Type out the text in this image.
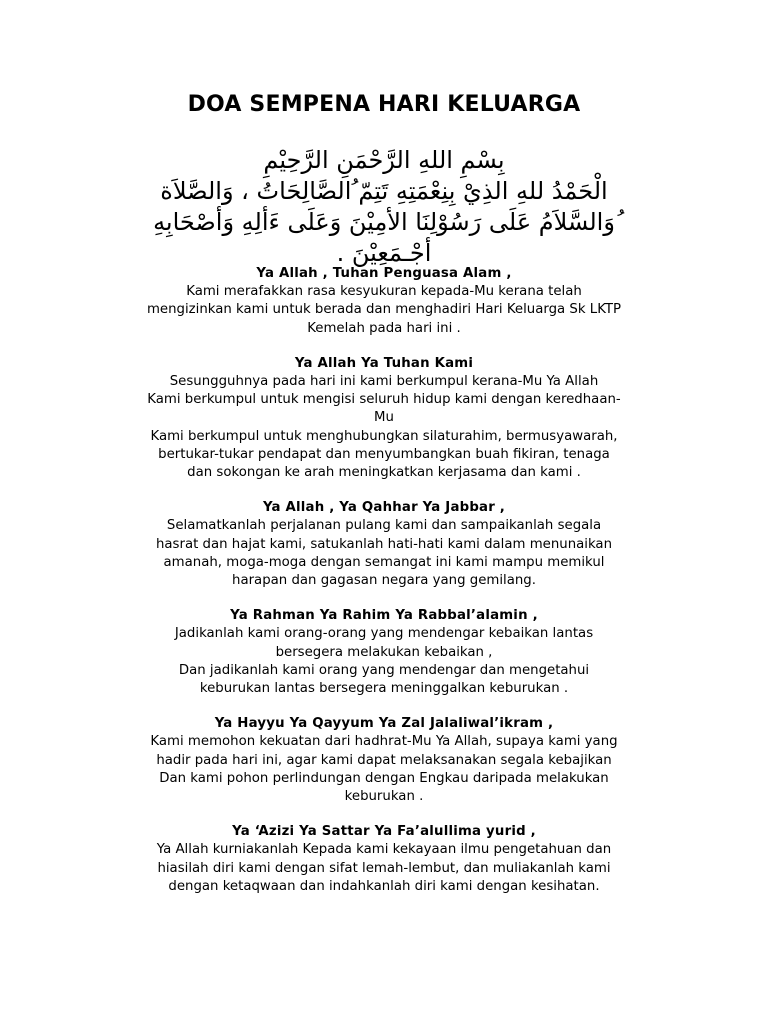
DOA SEMPENA HARI KELUARGA
بِسْمِ اللهِ الرَّحْمَنِ الرَّحِيْمِ
الْحَمْدُ للهِ الذِيْ بِنِعْمَتِهِ تَتِمّ ُالصَّالِحَاتُ ، وَالصَّلاَة
ُوَالسَّلاَمُ عَلَى رَسُوْلِنَا الأمِيْنَ وَعَلَى ءَألِهِ وَأصْحَابِهِ
أجْـمَعِيْنَ .
Ya Allah , Tuhan Penguasa Alam ,
Kami merafakkan rasa kesyukuran kepada-Mu kerana telah
mengizinkan kami untuk berada dan menghadiri Hari Keluarga Sk LKTP
Kemelah pada hari ini .
Ya Allah Ya Tuhan Kami
Sesungguhnya pada hari ini kami berkumpul kerana-Mu Ya Allah
Kami berkumpul untuk mengisi seluruh hidup kami dengan keredhaan-
Mu
Kami berkumpul untuk menghubungkan silaturahim, bermusyawarah,
bertukar-tukar pendapat dan menyumbangkan buah fikiran, tenaga
dan sokongan ke arah meningkatkan kerjasama dan kami .
Ya Allah , Ya Qahhar Ya Jabbar ,
Selamatkanlah perjalanan pulang kami dan sampaikanlah segala
hasrat dan hajat kami, satukanlah hati-hati kami dalam menunaikan
amanah, moga-moga dengan semangat ini kami mampu memikul
harapan dan gagasan negara yang gemilang.
Ya Rahman Ya Rahim Ya Rabbal’alamin ,
Jadikanlah kami orang-orang yang mendengar kebaikan lantas
bersegera melakukan kebaikan ,
Dan jadikanlah kami orang yang mendengar dan mengetahui
keburukan lantas bersegera meninggalkan keburukan .
Ya Hayyu Ya Qayyum Ya Zal Jalaliwal’ikram ,
Kami memohon kekuatan dari hadhrat-Mu Ya Allah, supaya kami yang
hadir pada hari ini, agar kami dapat melaksanakan segala kebajikan
Dan kami pohon perlindungan dengan Engkau daripada melakukan
keburukan .
Ya ‘Azizi Ya Sattar Ya Fa’alullima yurid ,
Ya Allah kurniakanlah Kepada kami kekayaan ilmu pengetahuan dan
hiasilah diri kami dengan sifat lemah-lembut, dan muliakanlah kami
dengan ketaqwaan dan indahkanlah diri kami dengan kesihatan.
